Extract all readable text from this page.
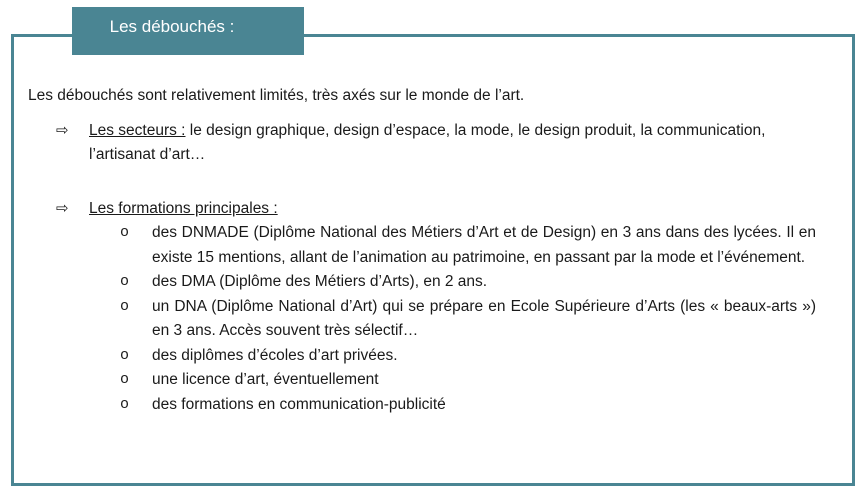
Les débouchés :

Les débouchés sont relativement limités, très axés sur le monde de l’art.

⇨	Les secteurs : le design graphique, design d’espace, la mode, le design produit, la communication, l’artisanat d’art…
⇨	Les formations principales :
o des DNMADE (Diplôme National des Métiers d’Art et de Design) en 3 ans dans des lycées. Il en existe 15 mentions, allant de l’animation au patrimoine, en passant par la mode et l’événement.
o des DMA (Diplôme des Métiers d’Arts), en 2 ans.
o un DNA (Diplôme National d’Art) qui se prépare en Ecole Supérieure d’Arts (les « beaux-arts ») en 3 ans. Accès souvent très sélectif…
o des diplômes d’écoles d’art privées.
o une licence d’art, éventuellement
o des formations en communication-publicité
